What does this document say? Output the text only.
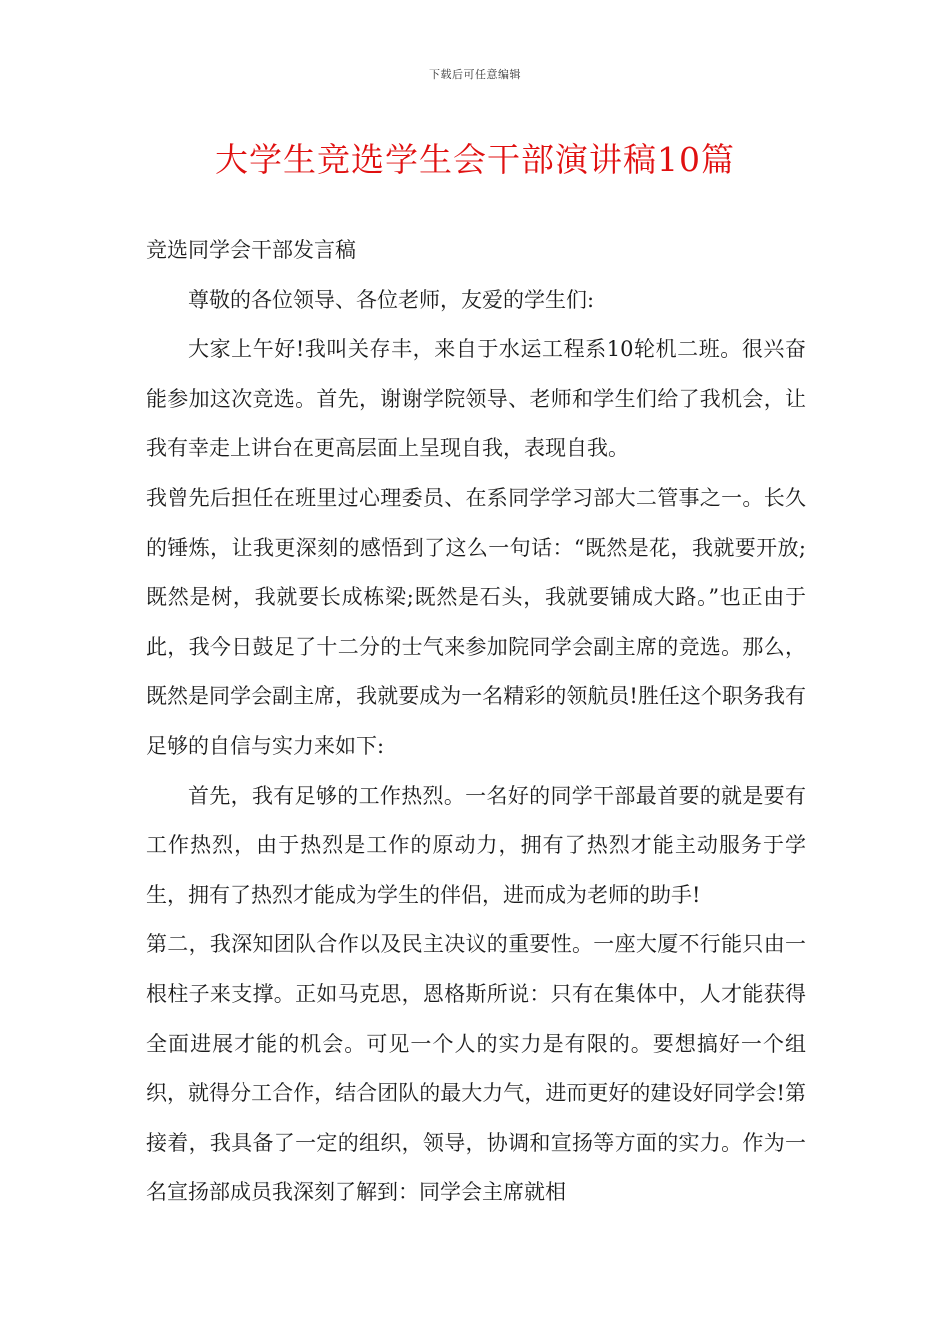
下载后可任意编辑
大学生竞选学生会干部演讲稿10篇

竞选同学会干部发言稿

尊敬的各位领导、各位老师，友爱的学生们:

大家上午好!我叫关存丰，来自于水运工程系10轮机二班。很兴奋能参加这次竞选。首先，谢谢学院领导、老师和学生们给了我机会，让我有幸走上讲台在更高层面上呈现自我，表现自我。

我曾先后担任在班里过心理委员、在系同学学习部大二管事之一。长久的锤炼，让我更深刻的感悟到了这么一句话：“既然是花，我就要开放;既然是树，我就要长成栋梁;既然是石头，我就要铺成大路。”也正由于此，我今日鼓足了十二分的士气来参加院同学会副主席的竞选。那么，既然是同学会副主席，我就要成为一名精彩的领航员!胜任这个职务我有足够的自信与实力来如下:

首先，我有足够的工作热烈。一名好的同学干部最首要的就是要有工作热烈，由于热烈是工作的原动力，拥有了热烈才能主动服务于学生，拥有了热烈才能成为学生的伴侣，进而成为老师的助手!

第二，我深知团队合作以及民主决议的重要性。一座大厦不行能只由一根柱子来支撑。正如马克思，恩格斯所说：只有在集体中，人才能获得全面进展才能的机会。可见一个人的实力是有限的。要想搞好一个组织，就得分工合作，结合团队的最大力气，进而更好的建设好同学会!第接着，我具备了一定的组织，领导，协调和宣扬等方面的实力。作为一名宣扬部成员我深刻了解到：同学会主席就相
